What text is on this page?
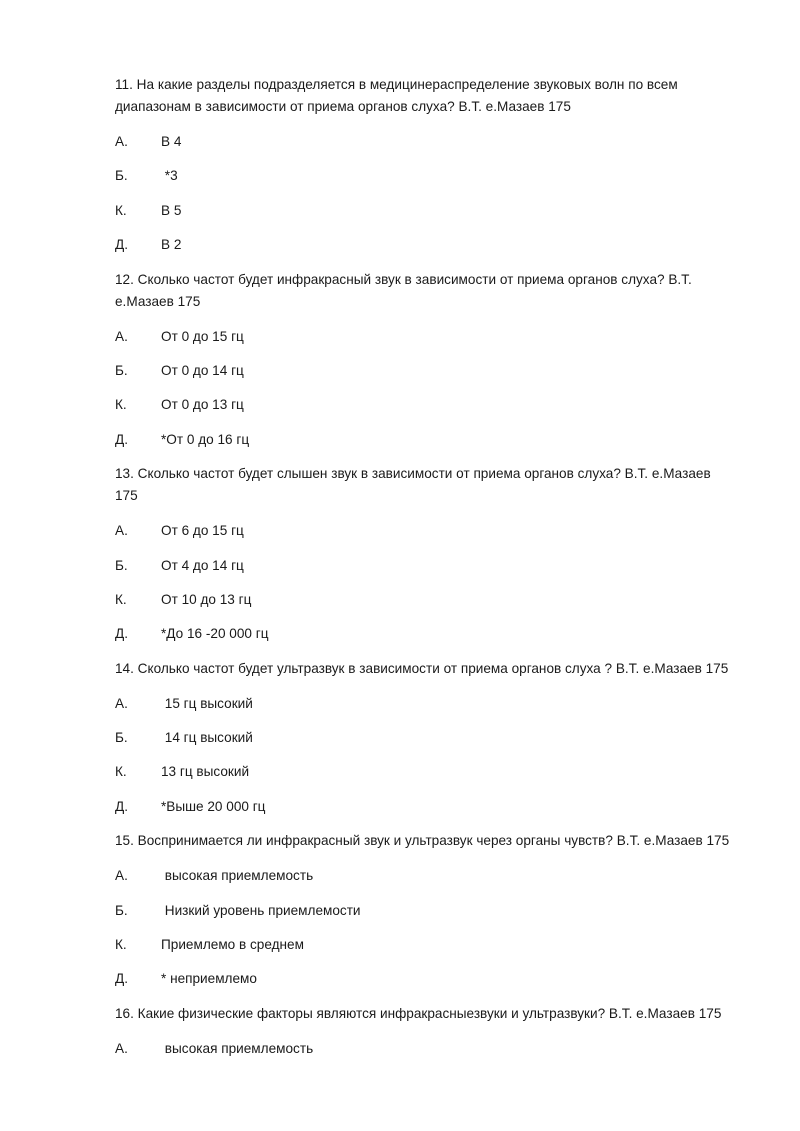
11. На какие разделы подразделяется в медицинераспределение звуковых волн по всем диапазонам в зависимости от приема органов слуха? В.Т. е.Мазаев 175
А.	В 4
Б.	*3
К.	В 5
Д.	В 2
12. Сколько частот будет инфракрасный звук в зависимости от приема органов слуха? В.Т. е.Мазаев 175
А.	От 0 до 15 гц
Б.	От 0 до 14 гц
К.	От 0 до 13 гц
Д.	*От 0 до 16 гц
13. Сколько частот будет слышен звук в зависимости от приема органов слуха? В.Т. е.Мазаев 175
А.	От 6 до 15 гц
Б.	От 4 до 14 гц
К.	От 10 до 13 гц
Д.	*До 16 -20 000 гц
14. Сколько частот будет ультразвук в зависимости от приема органов слуха ? В.Т. е.Мазаев 175
А.	15 гц высокий
Б.	14 гц высокий
К.	13 гц высокий
Д.	*Выше 20 000 гц
15. Воспринимается ли инфракрасный звук и ультразвук через органы чувств? В.Т. е.Мазаев 175
А.	высокая приемлемость
Б.	Низкий уровень приемлемости
К.	Приемлемо в среднем
Д.	* неприемлемо
16. Какие физические факторы являются инфракрасныезвуки и ультразвуки? В.Т. е.Мазаев 175
А.	высокая приемлемость
